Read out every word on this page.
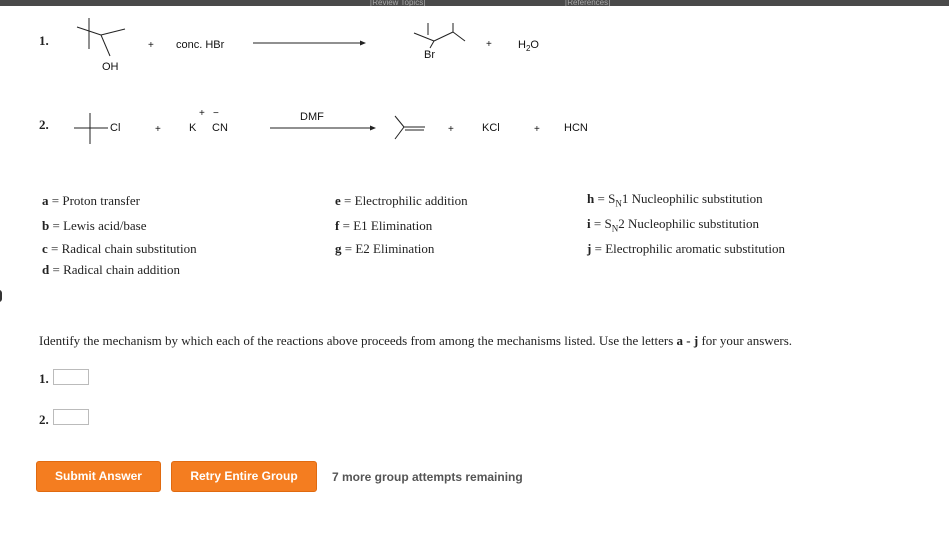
[Review Topics]	[References]
1.
OH
+ conc. HBr
Br
+ $H_2O$
2.	Cl	+
+ −
K CN
DMF
+	KCl	+ HCN
a = Proton transfer
b = Lewis acid/base
c = Radical chain substitution
d = Radical chain addition
e = Electrophilic addition
f = E1 Elimination
g = E2 Elimination
$h = S_N1$ Nucleophilic substitution
$i = S_N2$ Nucleophilic substitution
j = Electrophilic aromatic substitution
Identify the mechanism by which each of the reactions above proceeds from among the mechanisms listed. Use the letters a - j for your answers.
1.
2.
Submit Answer	Retry Entire Group	7 more group attempts remaining
